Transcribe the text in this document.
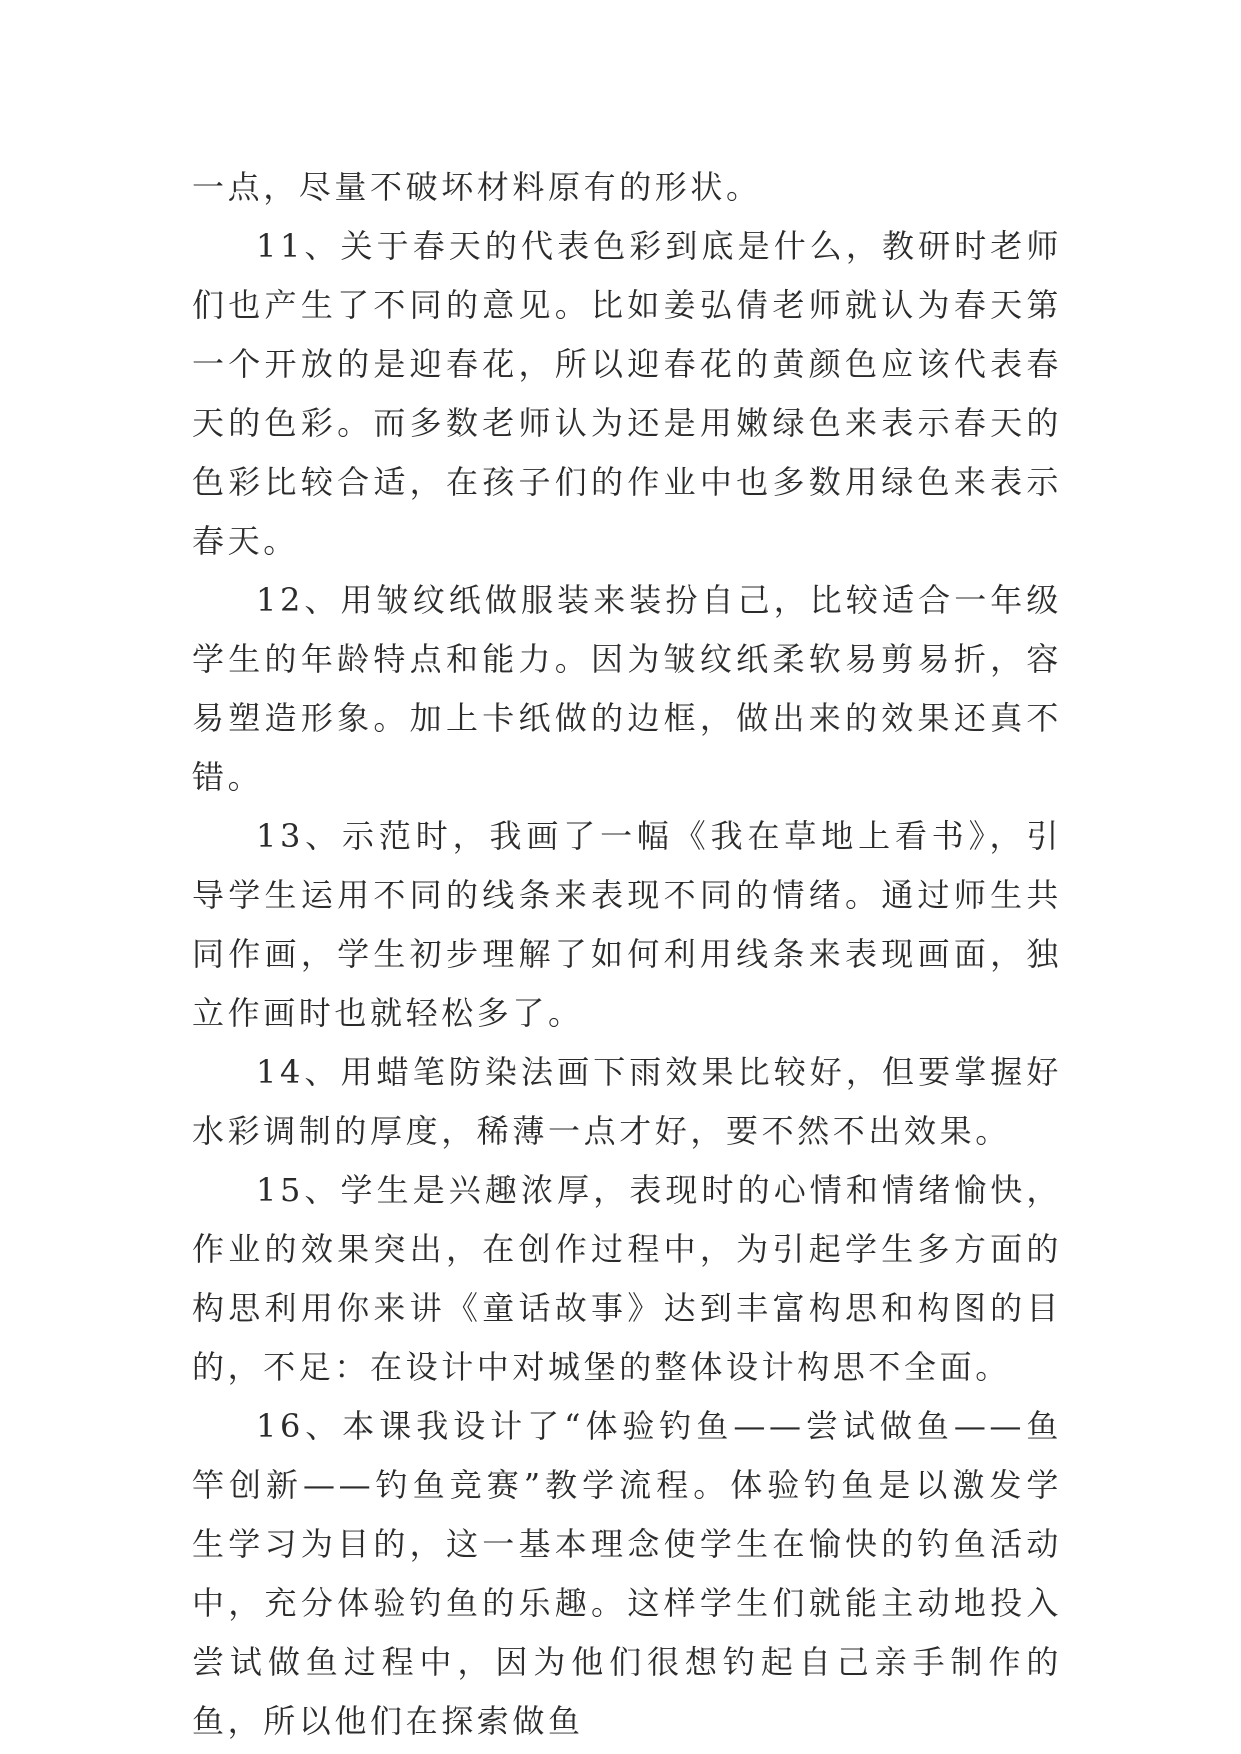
一点，尽量不破坏材料原有的形状。

11、关于春天的代表色彩到底是什么，教研时老师们也产生了不同的意见。比如姜弘倩老师就认为春天第一个开放的是迎春花，所以迎春花的黄颜色应该代表春天的色彩。而多数老师认为还是用嫩绿色来表示春天的色彩比较合适，在孩子们的作业中也多数用绿色来表示春天。

12、用皱纹纸做服装来装扮自己，比较适合一年级学生的年龄特点和能力。因为皱纹纸柔软易剪易折，容易塑造形象。加上卡纸做的边框，做出来的效果还真不错。

13、示范时，我画了一幅《我在草地上看书》，引导学生运用不同的线条来表现不同的情绪。通过师生共同作画，学生初步理解了如何利用线条来表现画面，独立作画时也就轻松多了。

14、用蜡笔防染法画下雨效果比较好，但要掌握好水彩调制的厚度，稀薄一点才好，要不然不出效果。

15、学生是兴趣浓厚，表现时的心情和情绪愉快，作业的效果突出，在创作过程中，为引起学生多方面的构思利用你来讲《童话故事》达到丰富构思和构图的目的，不足：在设计中对城堡的整体设计构思不全面。

16、本课我设计了“体验钓鱼——尝试做鱼——鱼竿创新——钓鱼竞赛”教学流程。体验钓鱼是以激发学生学习为目的，这一基本理念使学生在愉快的钓鱼活动中，充分体验钓鱼的乐趣。这样学生们就能主动地投入尝试做鱼过程中，因为他们很想钓起自己亲手制作的鱼，所以他们在探索做鱼
